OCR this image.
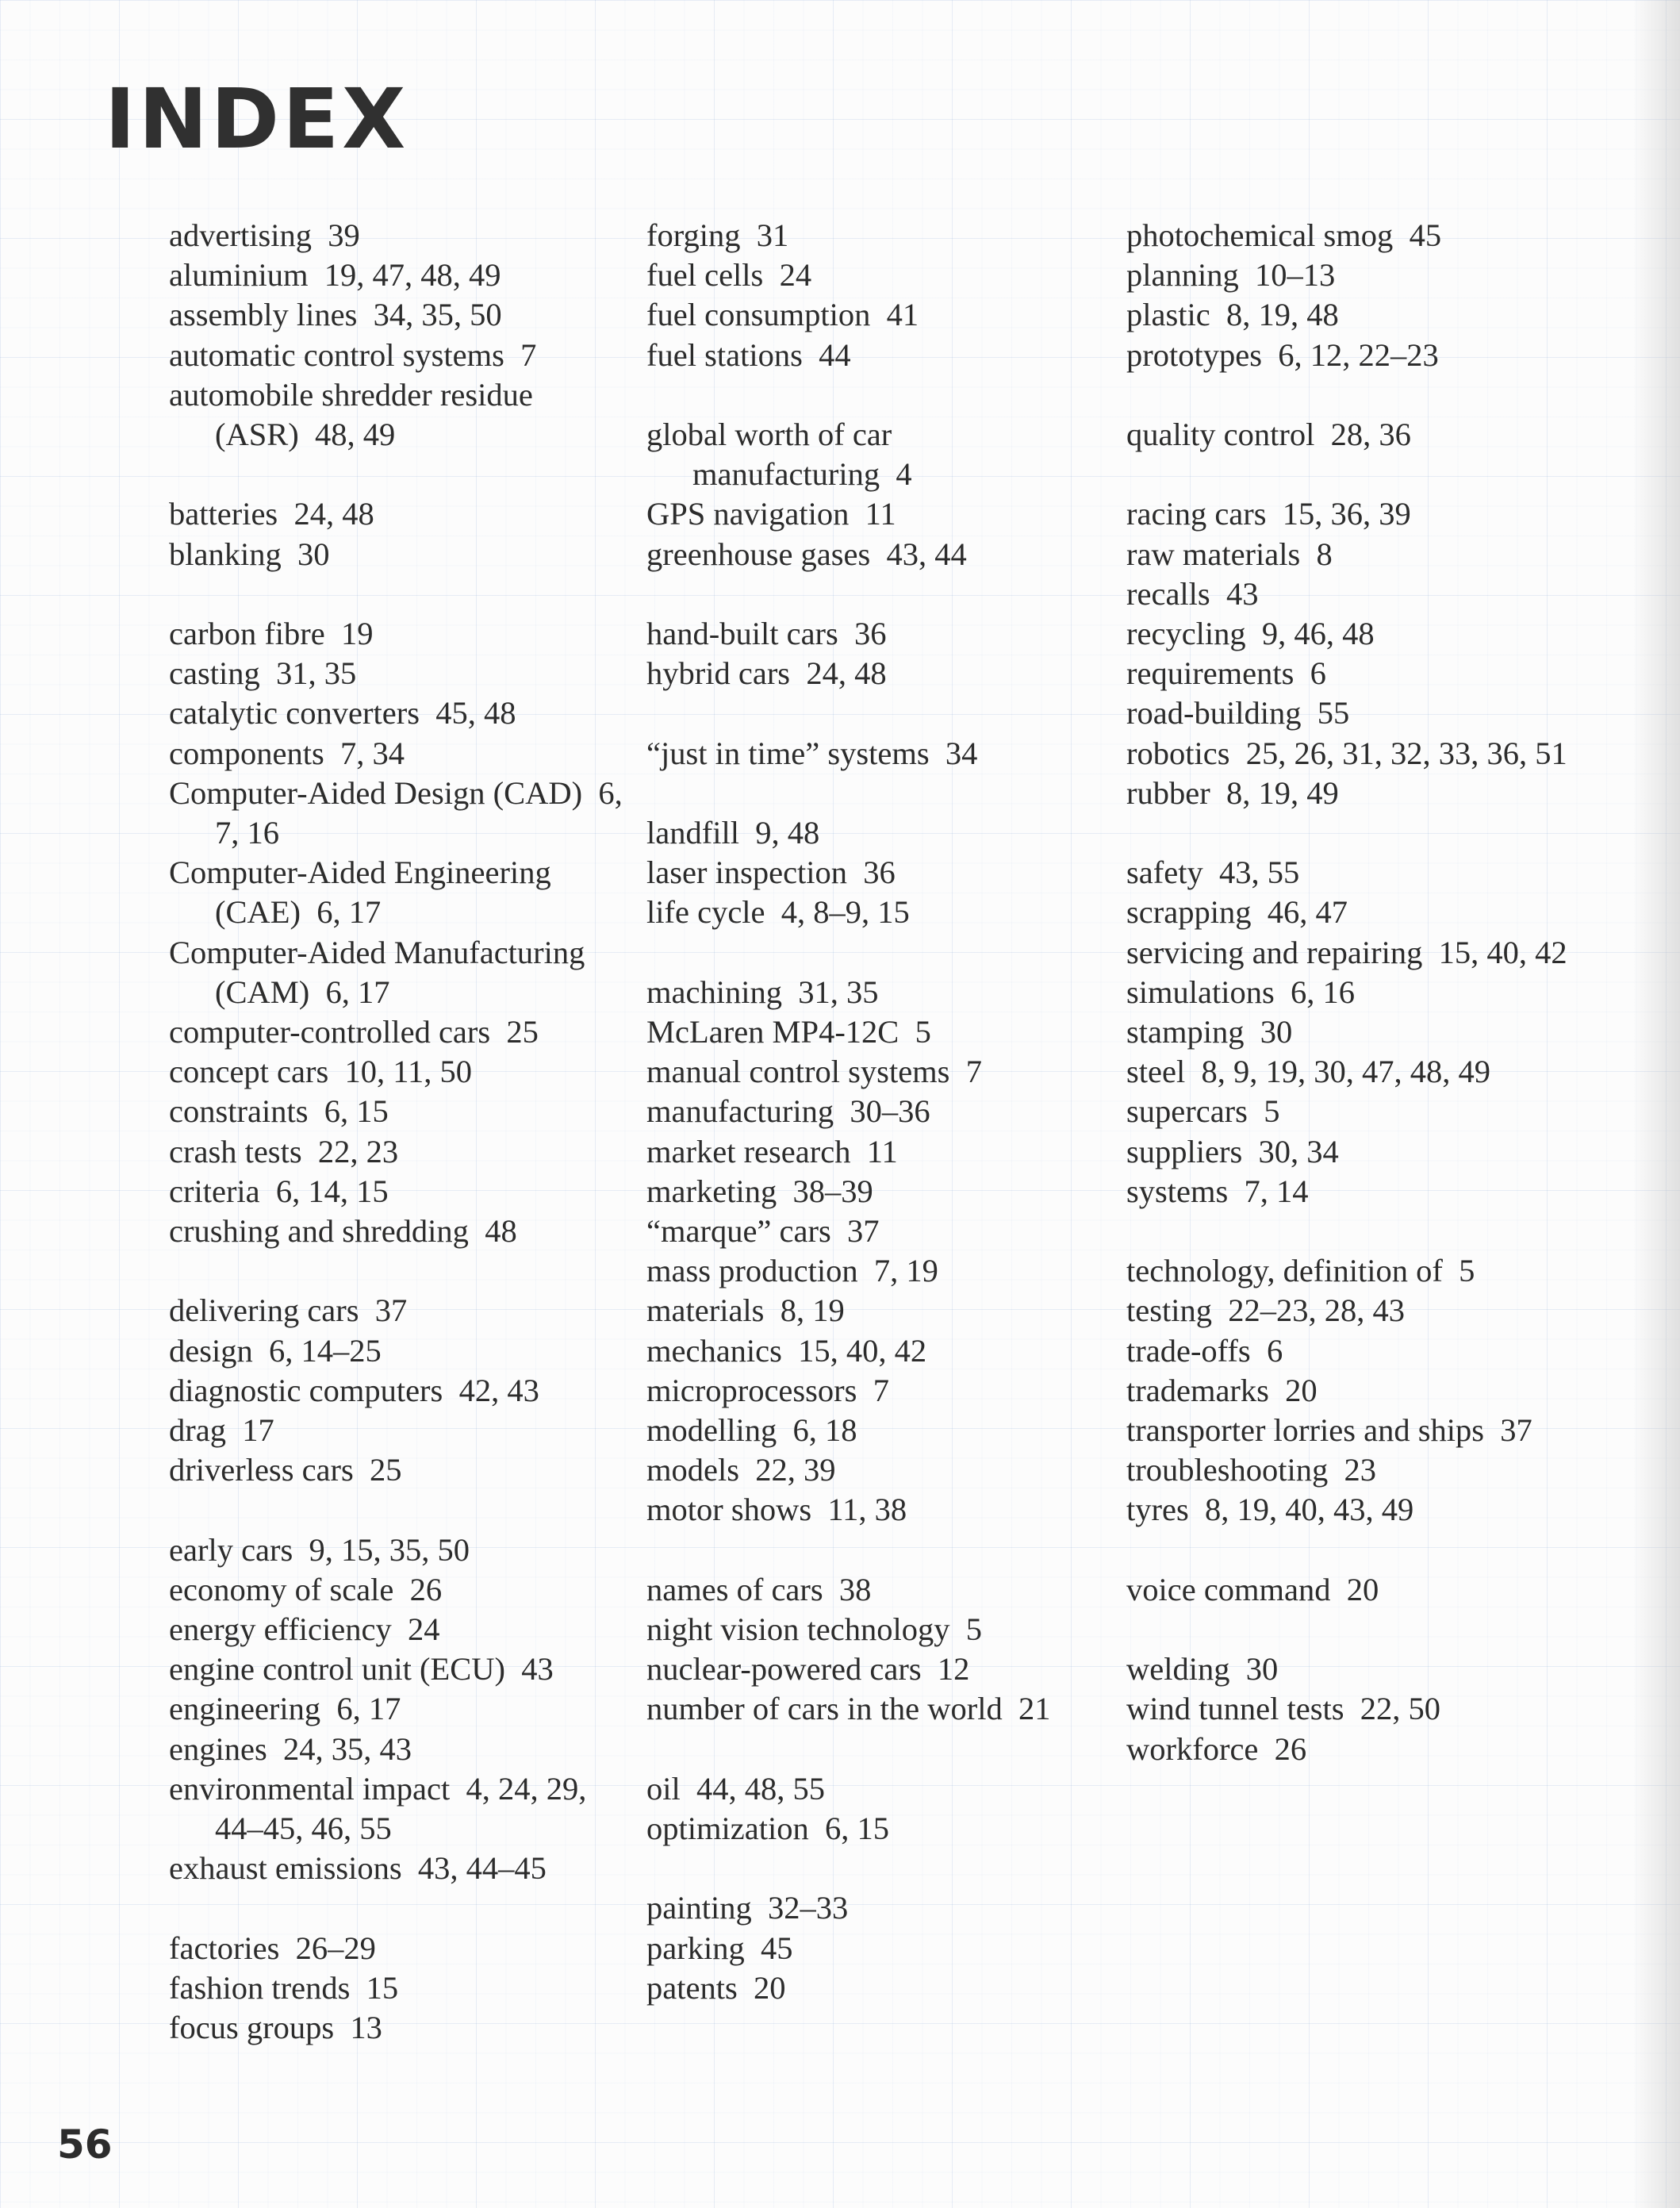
INDEX
advertising 39
aluminium 19, 47, 48, 49
assembly lines 34, 35, 50
automatic control systems 7
automobile shredder residue (ASR) 48, 49
batteries 24, 48
blanking 30
carbon fibre 19
casting 31, 35
catalytic converters 45, 48
components 7, 34
Computer-Aided Design (CAD) 6, 7, 16
Computer-Aided Engineering (CAE) 6, 17
Computer-Aided Manufacturing (CAM) 6, 17
computer-controlled cars 25
concept cars 10, 11, 50
constraints 6, 15
crash tests 22, 23
criteria 6, 14, 15
crushing and shredding 48
delivering cars 37
design 6, 14–25
diagnostic computers 42, 43
drag 17
driverless cars 25
early cars 9, 15, 35, 50
economy of scale 26
energy efficiency 24
engine control unit (ECU) 43
engineering 6, 17
engines 24, 35, 43
environmental impact 4, 24, 29, 44–45, 46, 55
exhaust emissions 43, 44–45
factories 26–29
fashion trends 15
focus groups 13
forging 31
fuel cells 24
fuel consumption 41
fuel stations 44
global worth of car manufacturing 4
GPS navigation 11
greenhouse gases 43, 44
hand-built cars 36
hybrid cars 24, 48
“just in time” systems 34
landfill 9, 48
laser inspection 36
life cycle 4, 8–9, 15
machining 31, 35
McLaren MP4-12C 5
manual control systems 7
manufacturing 30–36
market research 11
marketing 38–39
“marque” cars 37
mass production 7, 19
materials 8, 19
mechanics 15, 40, 42
microprocessors 7
modelling 6, 18
models 22, 39
motor shows 11, 38
names of cars 38
night vision technology 5
nuclear-powered cars 12
number of cars in the world 21
oil 44, 48, 55
optimization 6, 15
painting 32–33
parking 45
patents 20
photochemical smog 45
planning 10–13
plastic 8, 19, 48
prototypes 6, 12, 22–23
quality control 28, 36
racing cars 15, 36, 39
raw materials 8
recalls 43
recycling 9, 46, 48
requirements 6
road-building 55
robotics 25, 26, 31, 32, 33, 36, 51
rubber 8, 19, 49
safety 43, 55
scrapping 46, 47
servicing and repairing 15, 40, 42
simulations 6, 16
stamping 30
steel 8, 9, 19, 30, 47, 48, 49
supercars 5
suppliers 30, 34
systems 7, 14
technology, definition of 5
testing 22–23, 28, 43
trade-offs 6
trademarks 20
transporter lorries and ships 37
troubleshooting 23
tyres 8, 19, 40, 43, 49
voice command 20
welding 30
wind tunnel tests 22, 50
workforce 26
56
